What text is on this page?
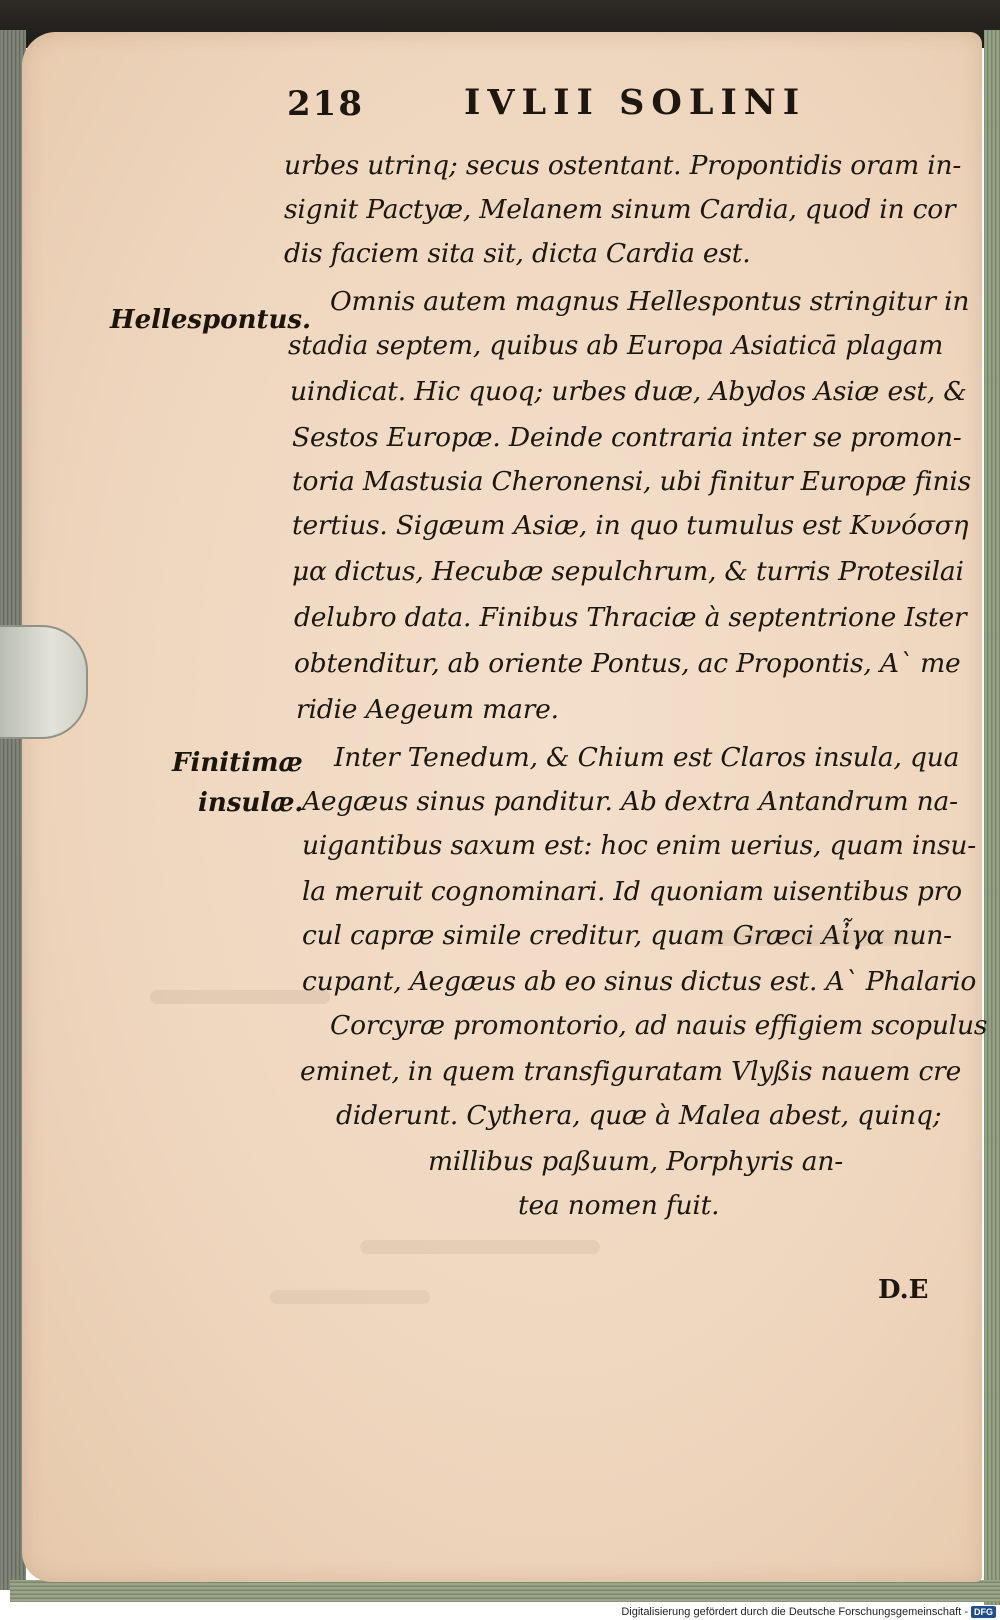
218	IVLII SOLINI
Hellespontus.
Finitimæ
insulæ.
urbes utrinq; secus ostentant. Propontidis oram in-
signit Pactyæ, Melanem sinum Cardia, quod in cor
dis faciem sita sit, dicta Cardia est.
Omnis autem magnus Hellespontus stringitur in
stadia septem, quibus ab Europa Asiaticā plagam
uindicat. Hic quoq; urbes duæ, Abydos Asiæ est, &
Sestos Europæ. Deinde contraria inter se promon-
toria Mastusia Cheronensi, ubi finitur Europæ finis
tertius. Sigæum Asiæ, in quo tumulus est Κυνόσση
μα dictus, Hecubæ sepulchrum, & turris Protesilai
delubro data. Finibus Thraciæ à septentrione Ister
obtenditur, ab oriente Pontus, ac Propontis, A` me
ridie Aegeum mare.
Inter Tenedum, & Chium est Claros insula, qua
Aegæus sinus panditur. Ab dextra Antandrum na-
uigantibus saxum est: hoc enim uerius, quam insu-
la meruit cognominari. Id quoniam uisentibus pro
cul capræ simile creditur, quam Græci Aἶγα nun-
cupant, Aegæus ab eo sinus dictus est. A` Phalario
Corcyræ promontorio, ad nauis effigiem scopulus
eminet, in quem transfiguratam Vlyßis nauem cre
diderunt. Cythera, quæ à Malea abest, quinq;
millibus paßuum, Porphyris an-
tea nomen fuit.
D.E
Digitalisierung gefördert durch die Deutsche Forschungsgemeinschaft - DFG
